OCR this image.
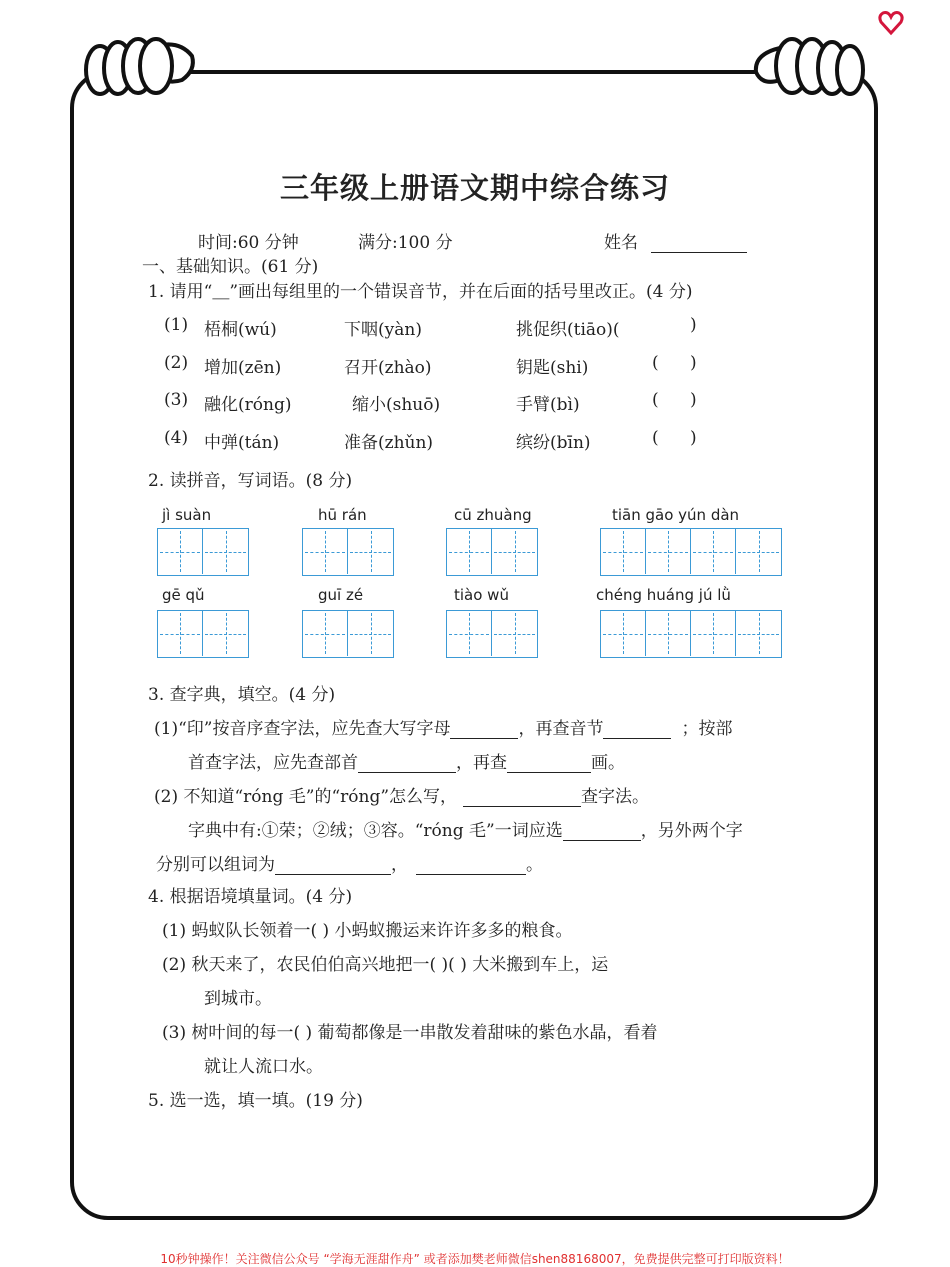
三年级上册语文期中综合练习
时间:60 分钟	满分:100 分	姓名
一、基础知识。(61 分)
1. 请用“＿”画出每组里的一个错误音节，并在后面的括号里改正。(4 分)
(1) 梧桐(wú)	下咽(yàn)	挑促织(tiāo)(	)
(2) 增加(zēn)	召开(zhào)	钥匙(shi)	( )
(3) 融化(róng)	缩小(shuō)	手臂(bì)	( )
(4) 中弹(tán)	准备(zhǔn)	缤纷(bīn)	( )
2. 读拼音，写词语。(8 分)
jì suàn	hū rán	cū zhuàng	tiān gāo yún dàn
gē qǔ	guī zé	tiào wǔ	chéng huáng jú lǜ
3. 查字典，填空。(4 分)
(1)“印”按音序查字法，应先查大写字母	，再查音节	；按部
首查字法，应先查部首	，再查	画。
(2) 不知道“róng 毛”的“róng”怎么写，	查字法。
字典中有:①荣；②绒；③容。“róng 毛”一词应选	，另外两个字
分别可以组词为	，	。
4. 根据语境填量词。(4 分)
(1) 蚂蚁队长领着一( ) 小蚂蚁搬运来许许多多的粮食。
(2) 秋天来了，农民伯伯高兴地把一( )( ) 大米搬到车上，运
到城市。
(3) 树叶间的每一( ) 葡萄都像是一串散发着甜味的紫色水晶，看着
就让人流口水。
5. 选一选，填一填。(19 分)
10秒钟操作！关注微信公众号 “学海无涯甜作舟” 或者添加樊老师微信shen88168007，免费提供完整可打印版资料！
